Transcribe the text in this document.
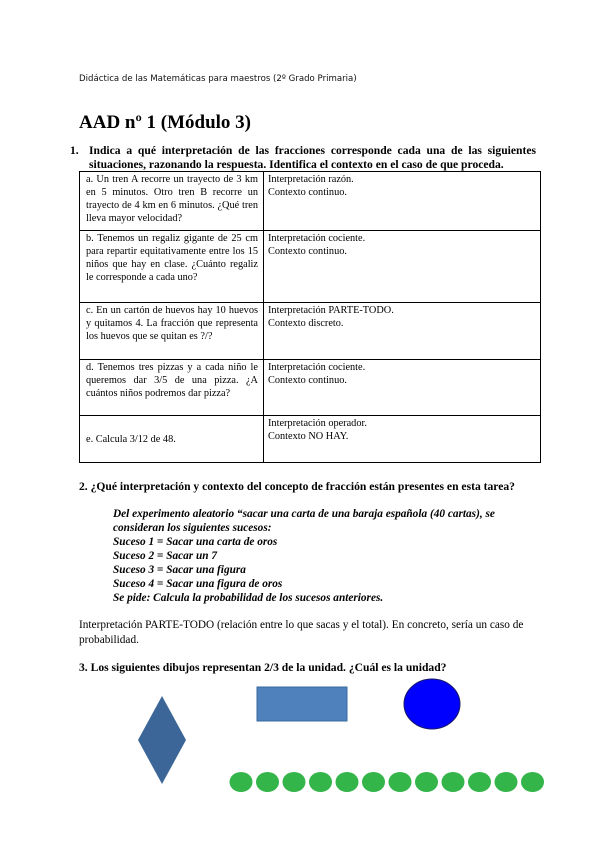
Didáctica de las Matemáticas para maestros (2º Grado Primaria)
AAD nº 1 (Módulo 3)
1. Indica a qué interpretación de las fracciones corresponde cada una de las siguientes situaciones, razonando la respuesta. Identifica el contexto en el caso de que proceda.
a. Un tren A recorre un trayecto de 3 km en 5 minutos. Otro tren B recorre un trayecto de 4 km en 6 minutos. ¿Qué tren lleva mayor velocidad?	Interpretación razón.
Contexto continuo.

b. Tenemos un regaliz gigante de 25 cm para repartir equitativamente entre los 15 niños que hay en clase. ¿Cuánto regaliz le corresponde a cada uno?	Interpretación cociente.
Contexto continuo.

c. En un cartón de huevos hay 10 huevos y quitamos 4. La fracción que representa los huevos que se quitan es ?/?	Interpretación PARTE-TODO.
Contexto discreto.

d. Tenemos tres pizzas y a cada niño le queremos dar 3/5 de una pizza. ¿A cuántos niños podremos dar pizza?	Interpretación cociente.
Contexto continuo.

e. Calcula 3/12 de 48.	Interpretación operador.
Contexto NO HAY.
2. ¿Qué interpretación y contexto del concepto de fracción están presentes en esta tarea?
Del experimento aleatorio “sacar una carta de una baraja española (40 cartas), se
consideran los siguientes sucesos:
Suceso 1 = Sacar una carta de oros
Suceso 2 = Sacar un 7
Suceso 3 = Sacar una figura
Suceso 4 = Sacar una figura de oros
Se pide: Calcula la probabilidad de los sucesos anteriores.
Interpretación PARTE-TODO (relación entre lo que sacas y el total). En concreto, sería un caso de probabilidad.
3. Los siguientes dibujos representan 2/3 de la unidad. ¿Cuál es la unidad?
